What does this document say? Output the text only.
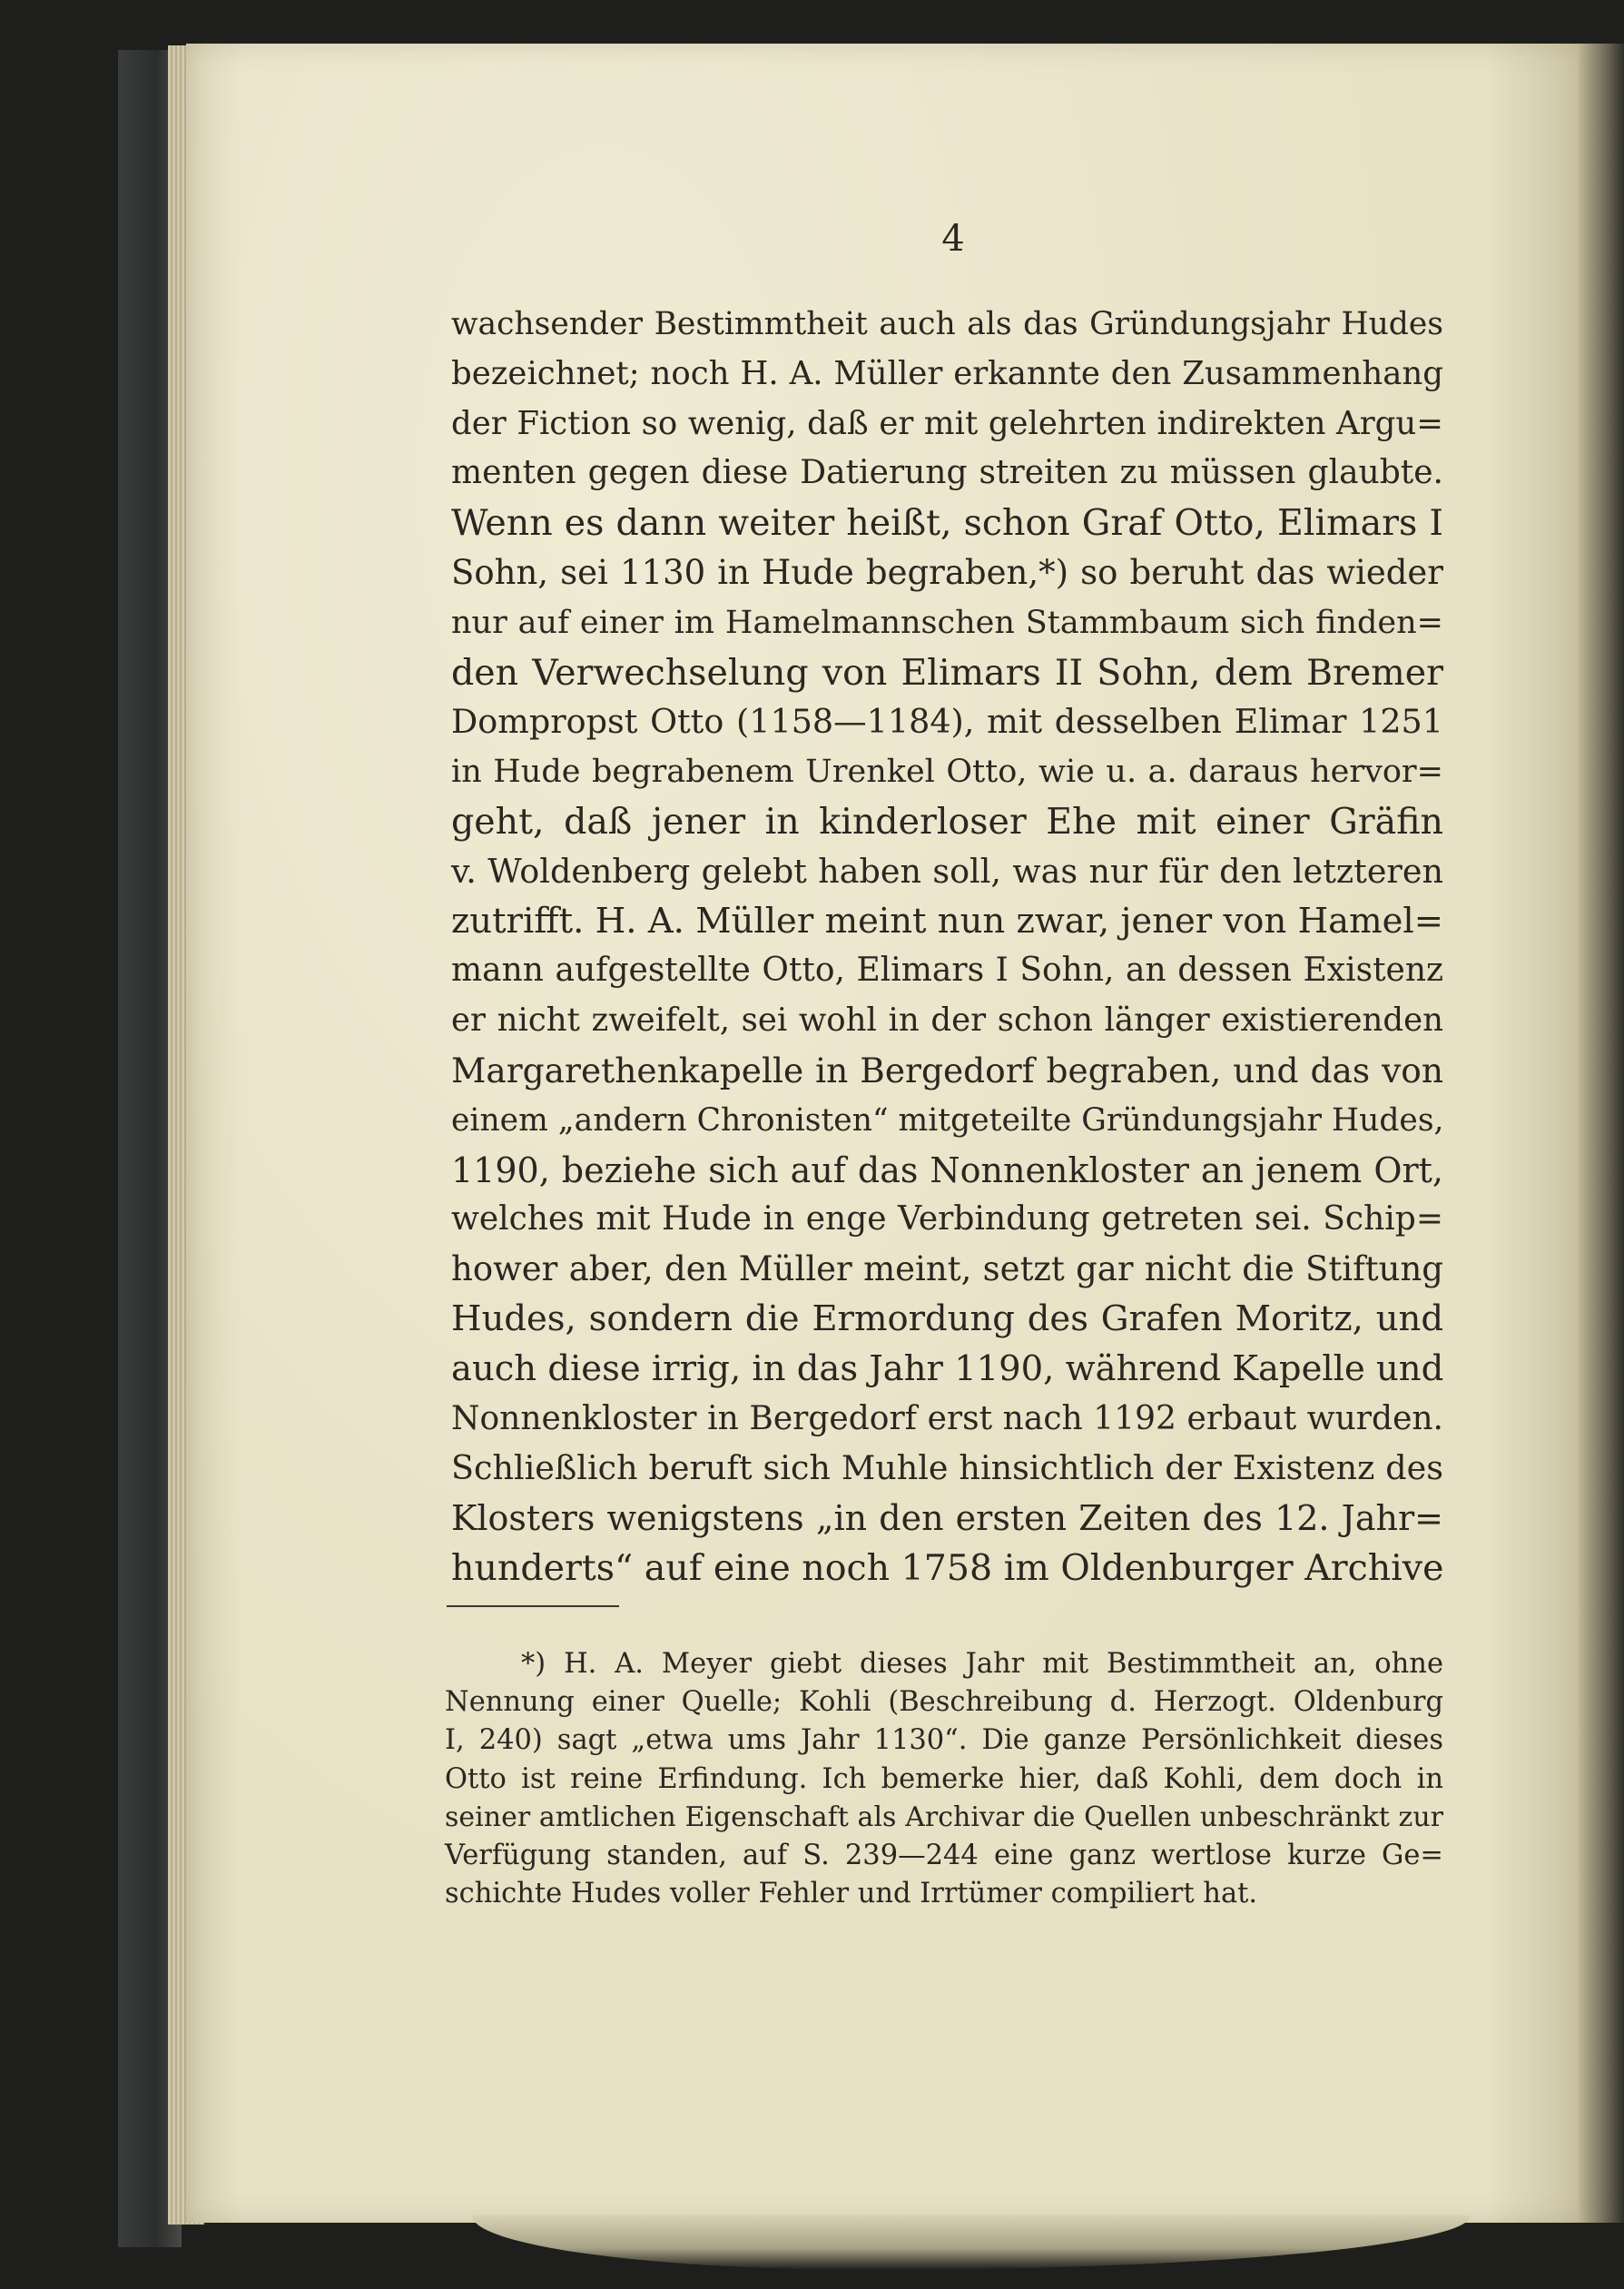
4
wachsender Bestimmtheit auch als das Gründungsjahr Hudes
bezeichnet; noch H. A. Müller erkannte den Zusammenhang
der Fiction so wenig, daß er mit gelehrten indirekten Argu=
menten gegen diese Datierung streiten zu müssen glaubte.
Wenn es dann weiter heißt, schon Graf Otto, Elimars I
Sohn, sei 1130 in Hude begraben,*) so beruht das wieder
nur auf einer im Hamelmannschen Stammbaum sich finden=
den Verwechselung von Elimars II Sohn, dem Bremer
Dompropst Otto (1158—1184), mit desselben Elimar 1251
in Hude begrabenem Urenkel Otto, wie u. a. daraus hervor=
geht, daß jener in kinderloser Ehe mit einer Gräfin
v. Woldenberg gelebt haben soll, was nur für den letzteren
zutrifft. H. A. Müller meint nun zwar, jener von Hamel=
mann aufgestellte Otto, Elimars I Sohn, an dessen Existenz
er nicht zweifelt, sei wohl in der schon länger existierenden
Margarethenkapelle in Bergedorf begraben, und das von
einem „andern Chronisten“ mitgeteilte Gründungsjahr Hudes,
1190, beziehe sich auf das Nonnenkloster an jenem Ort,
welches mit Hude in enge Verbindung getreten sei. Schip=
hower aber, den Müller meint, setzt gar nicht die Stiftung
Hudes, sondern die Ermordung des Grafen Moritz, und
auch diese irrig, in das Jahr 1190, während Kapelle und
Nonnenkloster in Bergedorf erst nach 1192 erbaut wurden.
Schließlich beruft sich Muhle hinsichtlich der Existenz des
Klosters wenigstens „in den ersten Zeiten des 12. Jahr=
hunderts“ auf eine noch 1758 im Oldenburger Archive
*) H. A. Meyer giebt dieses Jahr mit Bestimmtheit an, ohne
Nennung einer Quelle; Kohli (Beschreibung d. Herzogt. Oldenburg
I, 240) sagt „etwa ums Jahr 1130“. Die ganze Persönlichkeit dieses
Otto ist reine Erfindung. Ich bemerke hier, daß Kohli, dem doch in
seiner amtlichen Eigenschaft als Archivar die Quellen unbeschränkt zur
Verfügung standen, auf S. 239—244 eine ganz wertlose kurze Ge=
schichte Hudes voller Fehler und Irrtümer compiliert hat.
